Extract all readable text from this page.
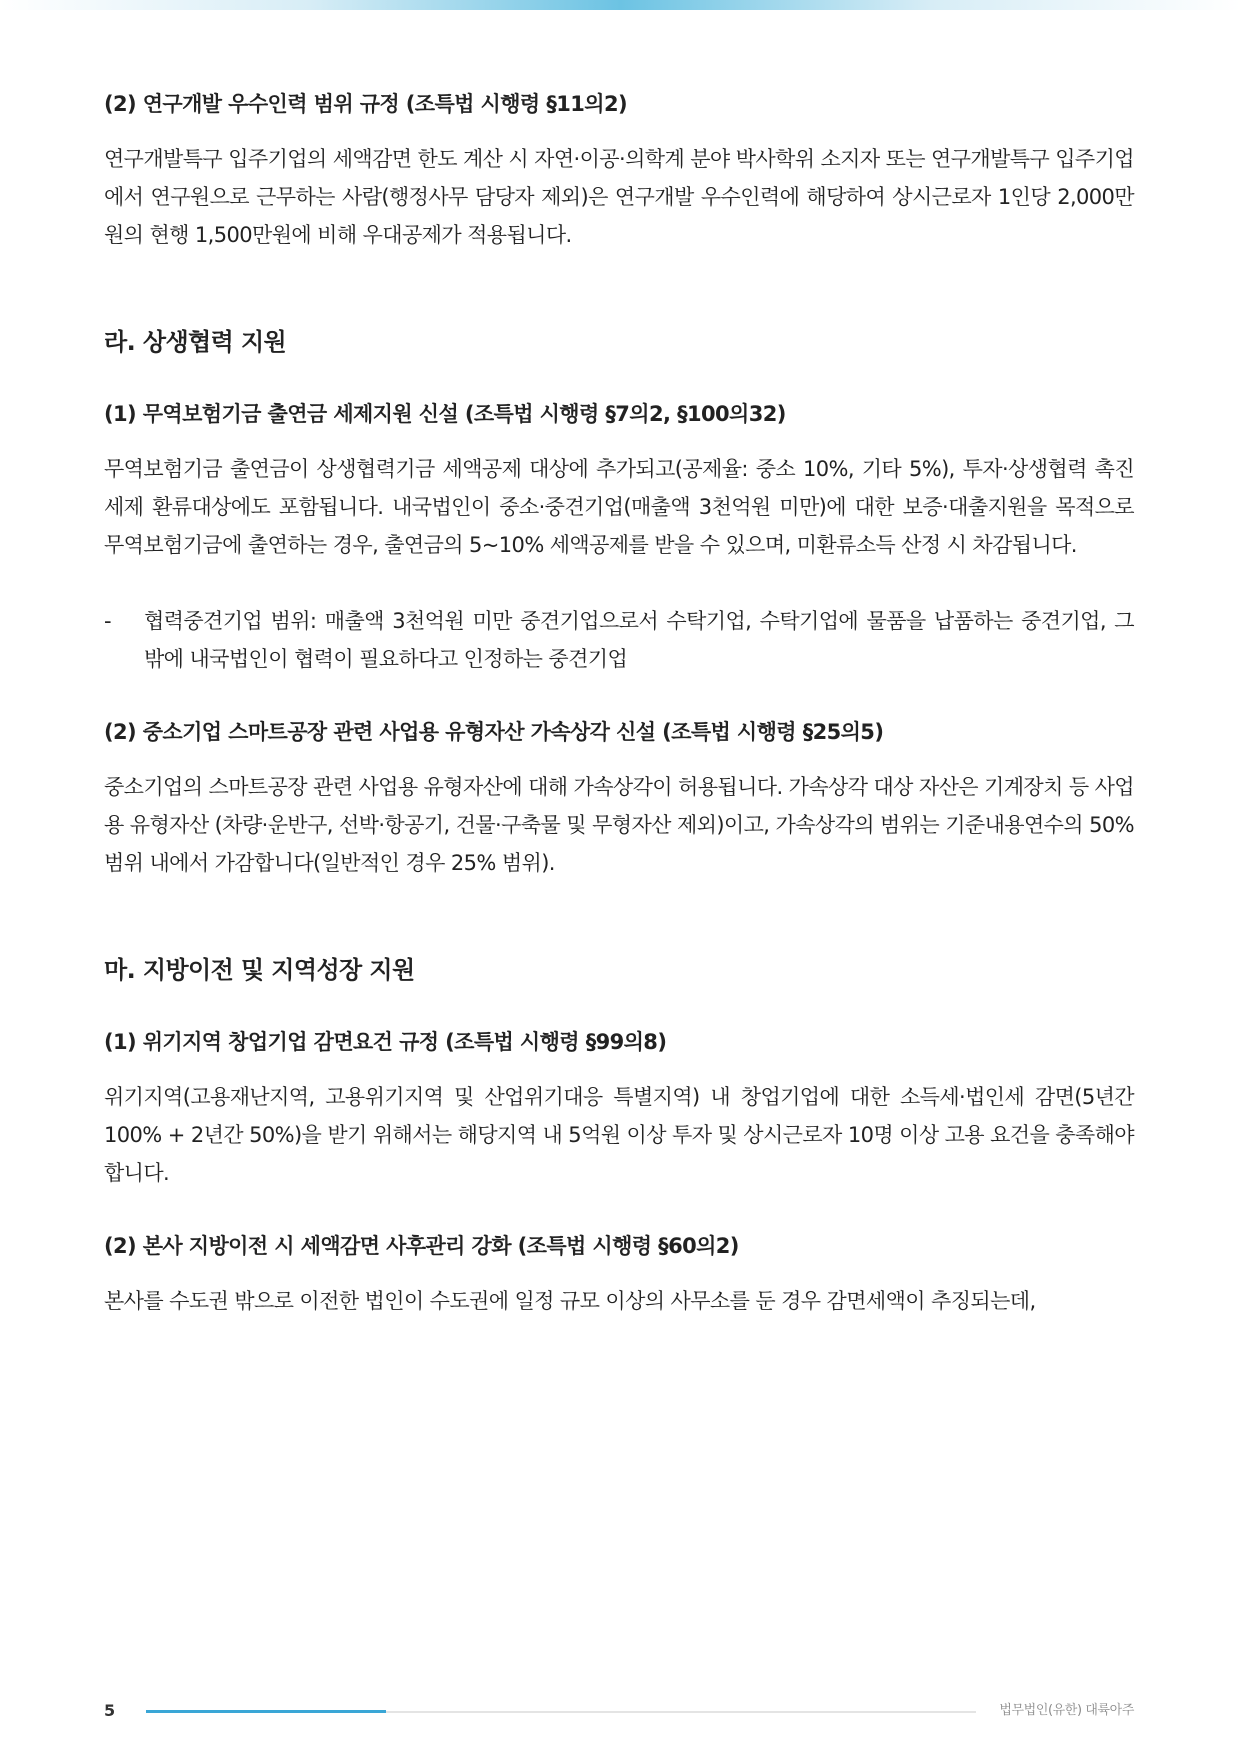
(2) 연구개발 우수인력 범위 규정 (조특법 시행령 §11의2)

연구개발특구 입주기업의 세액감면 한도 계산 시 자연·이공·의학계 분야 박사학위 소지자 또는 연구개발특구 입주기업에서 연구원으로 근무하는 사람(행정사무 담당자 제외)은 연구개발 우수인력에 해당하여 상시근로자 1인당 2,000만원의 현행 1,500만원에 비해 우대공제가 적용됩니다.

라. 상생협력 지원
(1) 무역보험기금 출연금 세제지원 신설 (조특법 시행령 §7의2, §100의32)

무역보험기금 출연금이 상생협력기금 세액공제 대상에 추가되고(공제율: 중소 10%, 기타 5%), 투자·상생협력 촉진세제 환류대상에도 포함됩니다. 내국법인이 중소·중견기업(매출액 3천억원 미만)에 대한 보증·대출지원을 목적으로 무역보험기금에 출연하는 경우, 출연금의 5~10% 세액공제를 받을 수 있으며, 미환류소득 산정 시 차감됩니다.

-	협력중견기업 범위: 매출액 3천억원 미만 중견기업으로서 수탁기업, 수탁기업에 물품을 납품하는 중견기업, 그 밖에 내국법인이 협력이 필요하다고 인정하는 중견기업
(2) 중소기업 스마트공장 관련 사업용 유형자산 가속상각 신설 (조특법 시행령 §25의5)

중소기업의 스마트공장 관련 사업용 유형자산에 대해 가속상각이 허용됩니다. 가속상각 대상 자산은 기계장치 등 사업용 유형자산 (차량·운반구, 선박·항공기, 건물·구축물 및 무형자산 제외)이고, 가속상각의 범위는 기준내용연수의 50% 범위 내에서 가감합니다(일반적인 경우 25% 범위).

마. 지방이전 및 지역성장 지원
(1) 위기지역 창업기업 감면요건 규정 (조특법 시행령 §99의8)

위기지역(고용재난지역, 고용위기지역 및 산업위기대응 특별지역) 내 창업기업에 대한 소득세·법인세 감면(5년간 100% + 2년간 50%)을 받기 위해서는 해당지역 내 5억원 이상 투자 및 상시근로자 10명 이상 고용 요건을 충족해야 합니다.

(2) 본사 지방이전 시 세액감면 사후관리 강화 (조특법 시행령 §60의2)

본사를 수도권 밖으로 이전한 법인이 수도권에 일정 규모 이상의 사무소를 둔 경우 감면세액이 추징되는데,

5	법무법인(유한) 대륙아주
